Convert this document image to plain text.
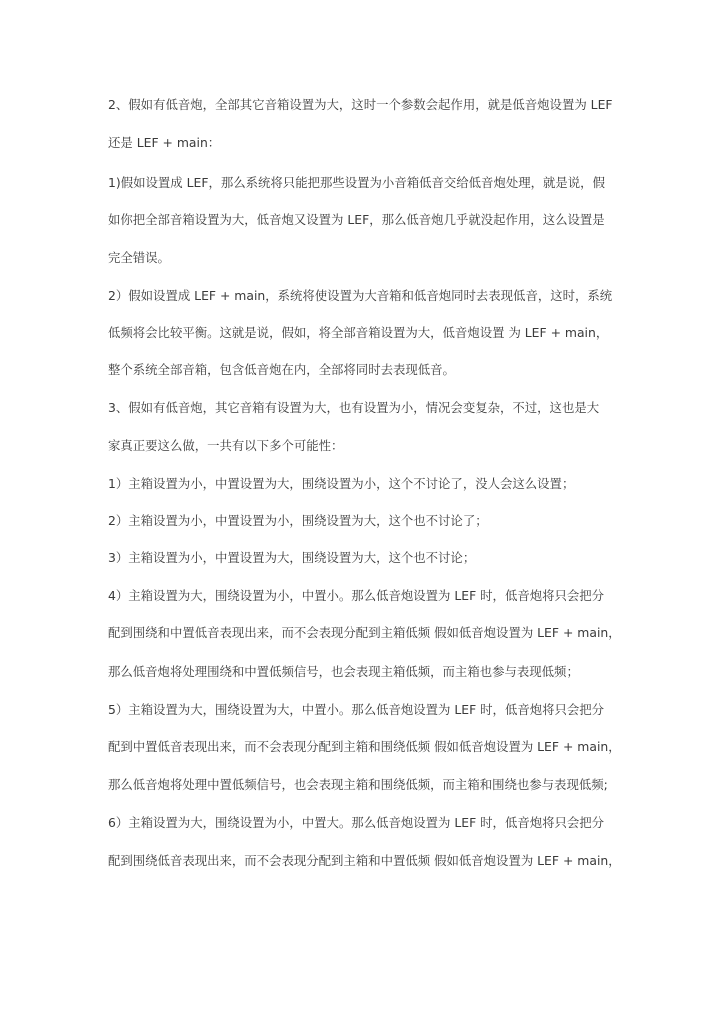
2、假如有低音炮，全部其它音箱设置为大，这时一个参数会起作用，就是低音炮设置为 LEF
还是 LEF + main：
1)假如设置成 LEF，那么系统将只能把那些设置为小音箱低音交给低音炮处理，就是说，假
如你把全部音箱设置为大，低音炮又设置为 LEF，那么低音炮几乎就没起作用，这么设置是
完全错误。
2）假如设置成 LEF + main，系统将使设置为大音箱和低音炮同时去表现低音，这时，系统
低频将会比较平衡。这就是说，假如，将全部音箱设置为大，低音炮设置 为 LEF + main，
整个系统全部音箱，包含低音炮在内，全部将同时去表现低音。
3、假如有低音炮，其它音箱有设置为大，也有设置为小，情况会变复杂，不过，这也是大
家真正要这么做，一共有以下多个可能性：
1）主箱设置为小，中置设置为大，围绕设置为小，这个不讨论了，没人会这么设置；
2）主箱设置为小，中置设置为小，围绕设置为大，这个也不讨论了；
3）主箱设置为小，中置设置为大，围绕设置为大，这个也不讨论；
4）主箱设置为大，围绕设置为小，中置小。那么低音炮设置为 LEF 时，低音炮将只会把分
配到围绕和中置低音表现出来，而不会表现分配到主箱低频 假如低音炮设置为 LEF + main，
那么低音炮将处理围绕和中置低频信号，也会表现主箱低频，而主箱也参与表现低频；
5）主箱设置为大，围绕设置为大，中置小。那么低音炮设置为 LEF 时，低音炮将只会把分
配到中置低音表现出来，而不会表现分配到主箱和围绕低频 假如低音炮设置为 LEF + main，
那么低音炮将处理中置低频信号，也会表现主箱和围绕低频，而主箱和围绕也参与表现低频;
6）主箱设置为大，围绕设置为小，中置大。那么低音炮设置为 LEF 时，低音炮将只会把分
配到围绕低音表现出来，而不会表现分配到主箱和中置低频 假如低音炮设置为 LEF + main，
